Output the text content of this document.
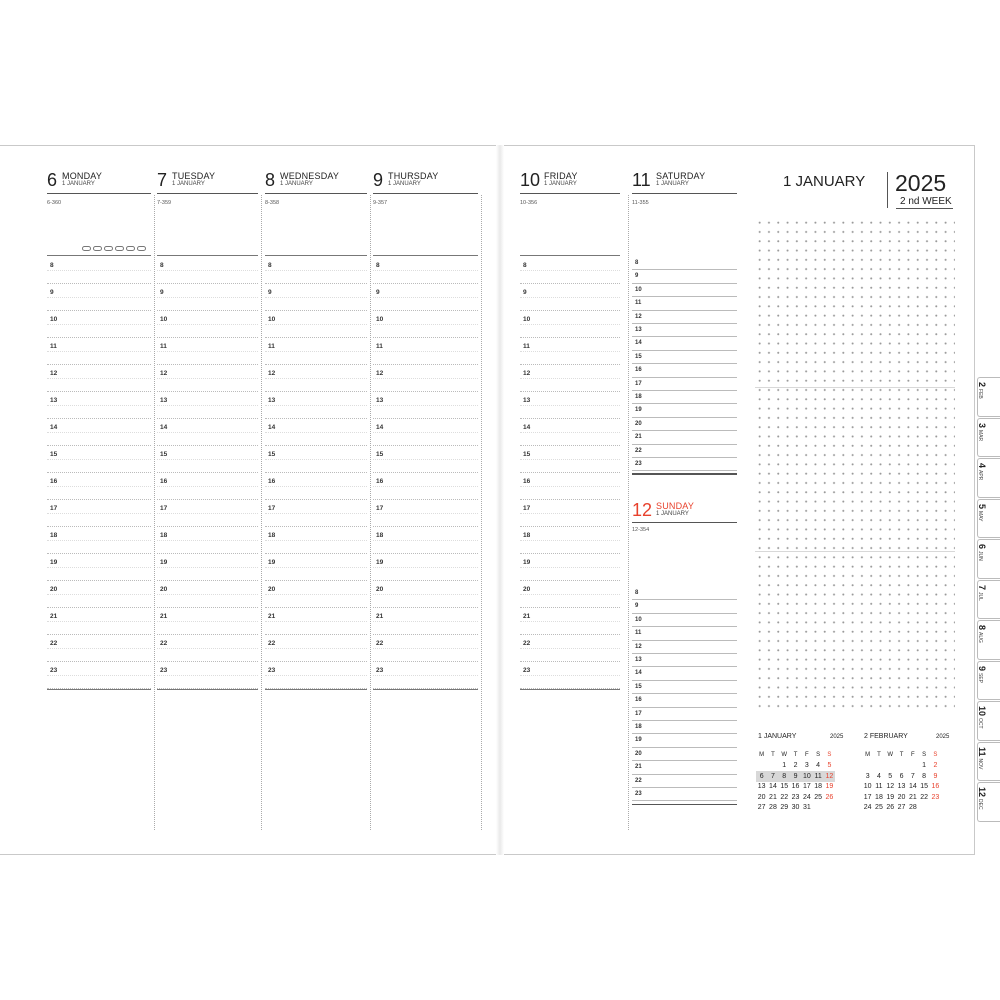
6 MONDAY
1 JANUARY
6-360
8
9
10
11
12
13
14
15
16
17
18
19
20
21
22
23
7 TUESDAY
1 JANUARY
7-359
8
9
10
11
12
13
14
15
16
17
18
19
20
21
22
23
8 WEDNESDAY
1 JANUARY
8-358
8
9
10
11
12
13
14
15
16
17
18
19
20
21
22
23
9 THURSDAY
1 JANUARY
9-357
8
9
10
11
12
13
14
15
16
17
18
19
20
21
22
23
10 FRIDAY
1 JANUARY
10-356
8
9
10
11
12
13
14
15
16
17
18
19
20
21
22
23
11 SATURDAY
1 JANUARY
11-355
8
9
10
11
12
13
14
15
16
17
18
19
20
21
22
23
12 SUNDAY
1 JANUARY
12-354
8
9
10
11
12
13
14
15
16
17
18
19
20
21
22
23
1 JANUARY 2025
2 nd WEEK
1 JANUARY	2025
M	T	W	T	F	S	S
		1	2	3	4	5
6	7	8	9	10	11	12
13	14	15	16	17	18	19
20	21	22	23	24	25	26
27	28	29	30	31		
2 FEBRUARY	2025
M	T	W	T	F	S	S
					1	2
3	4	5	6	7	8	9
10	11	12	13	14	15	16
17	18	19	20	21	22	23
24	25	26	27	28		
2FEB
3MAR
4APR
5MAY
6JUN
7JUL
8AUG
9SEP
10OCT
11NOV
12DEC
